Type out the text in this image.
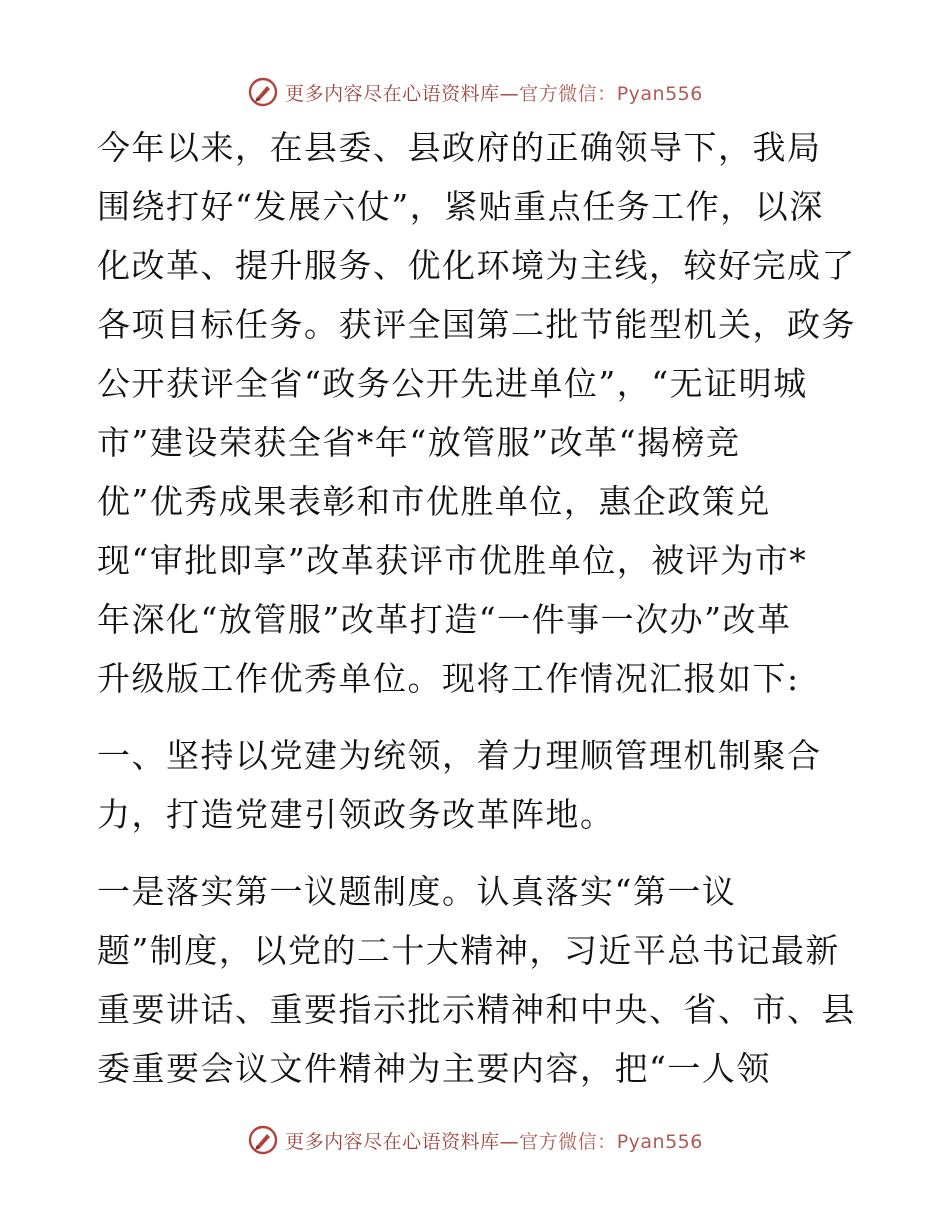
更多内容尽在心语资料库—官方微信：Pyan556
今年以来，在县委、县政府的正确领导下，我局
围绕打好“发展六仗”，紧贴重点任务工作，以深
化改革、提升服务、优化环境为主线，较好完成了
各项目标任务。获评全国第二批节能型机关，政务
公开获评全省“政务公开先进单位”，“无证明城
市”建设荣获全省*年“放管服”改革“揭榜竞
优”优秀成果表彰和市优胜单位，惠企政策兑
现“审批即享”改革获评市优胜单位，被评为市*
年深化“放管服”改革打造“一件事一次办”改革
升级版工作优秀单位。现将工作情况汇报如下:
一、坚持以党建为统领，着力理顺管理机制聚合
力，打造党建引领政务改革阵地。
一是落实第一议题制度。认真落实“第一议
题”制度，以党的二十大精神，习近平总书记最新
重要讲话、重要指示批示精神和中央、省、市、县
委重要会议文件精神为主要内容，把“一人领
更多内容尽在心语资料库—官方微信：Pyan556
